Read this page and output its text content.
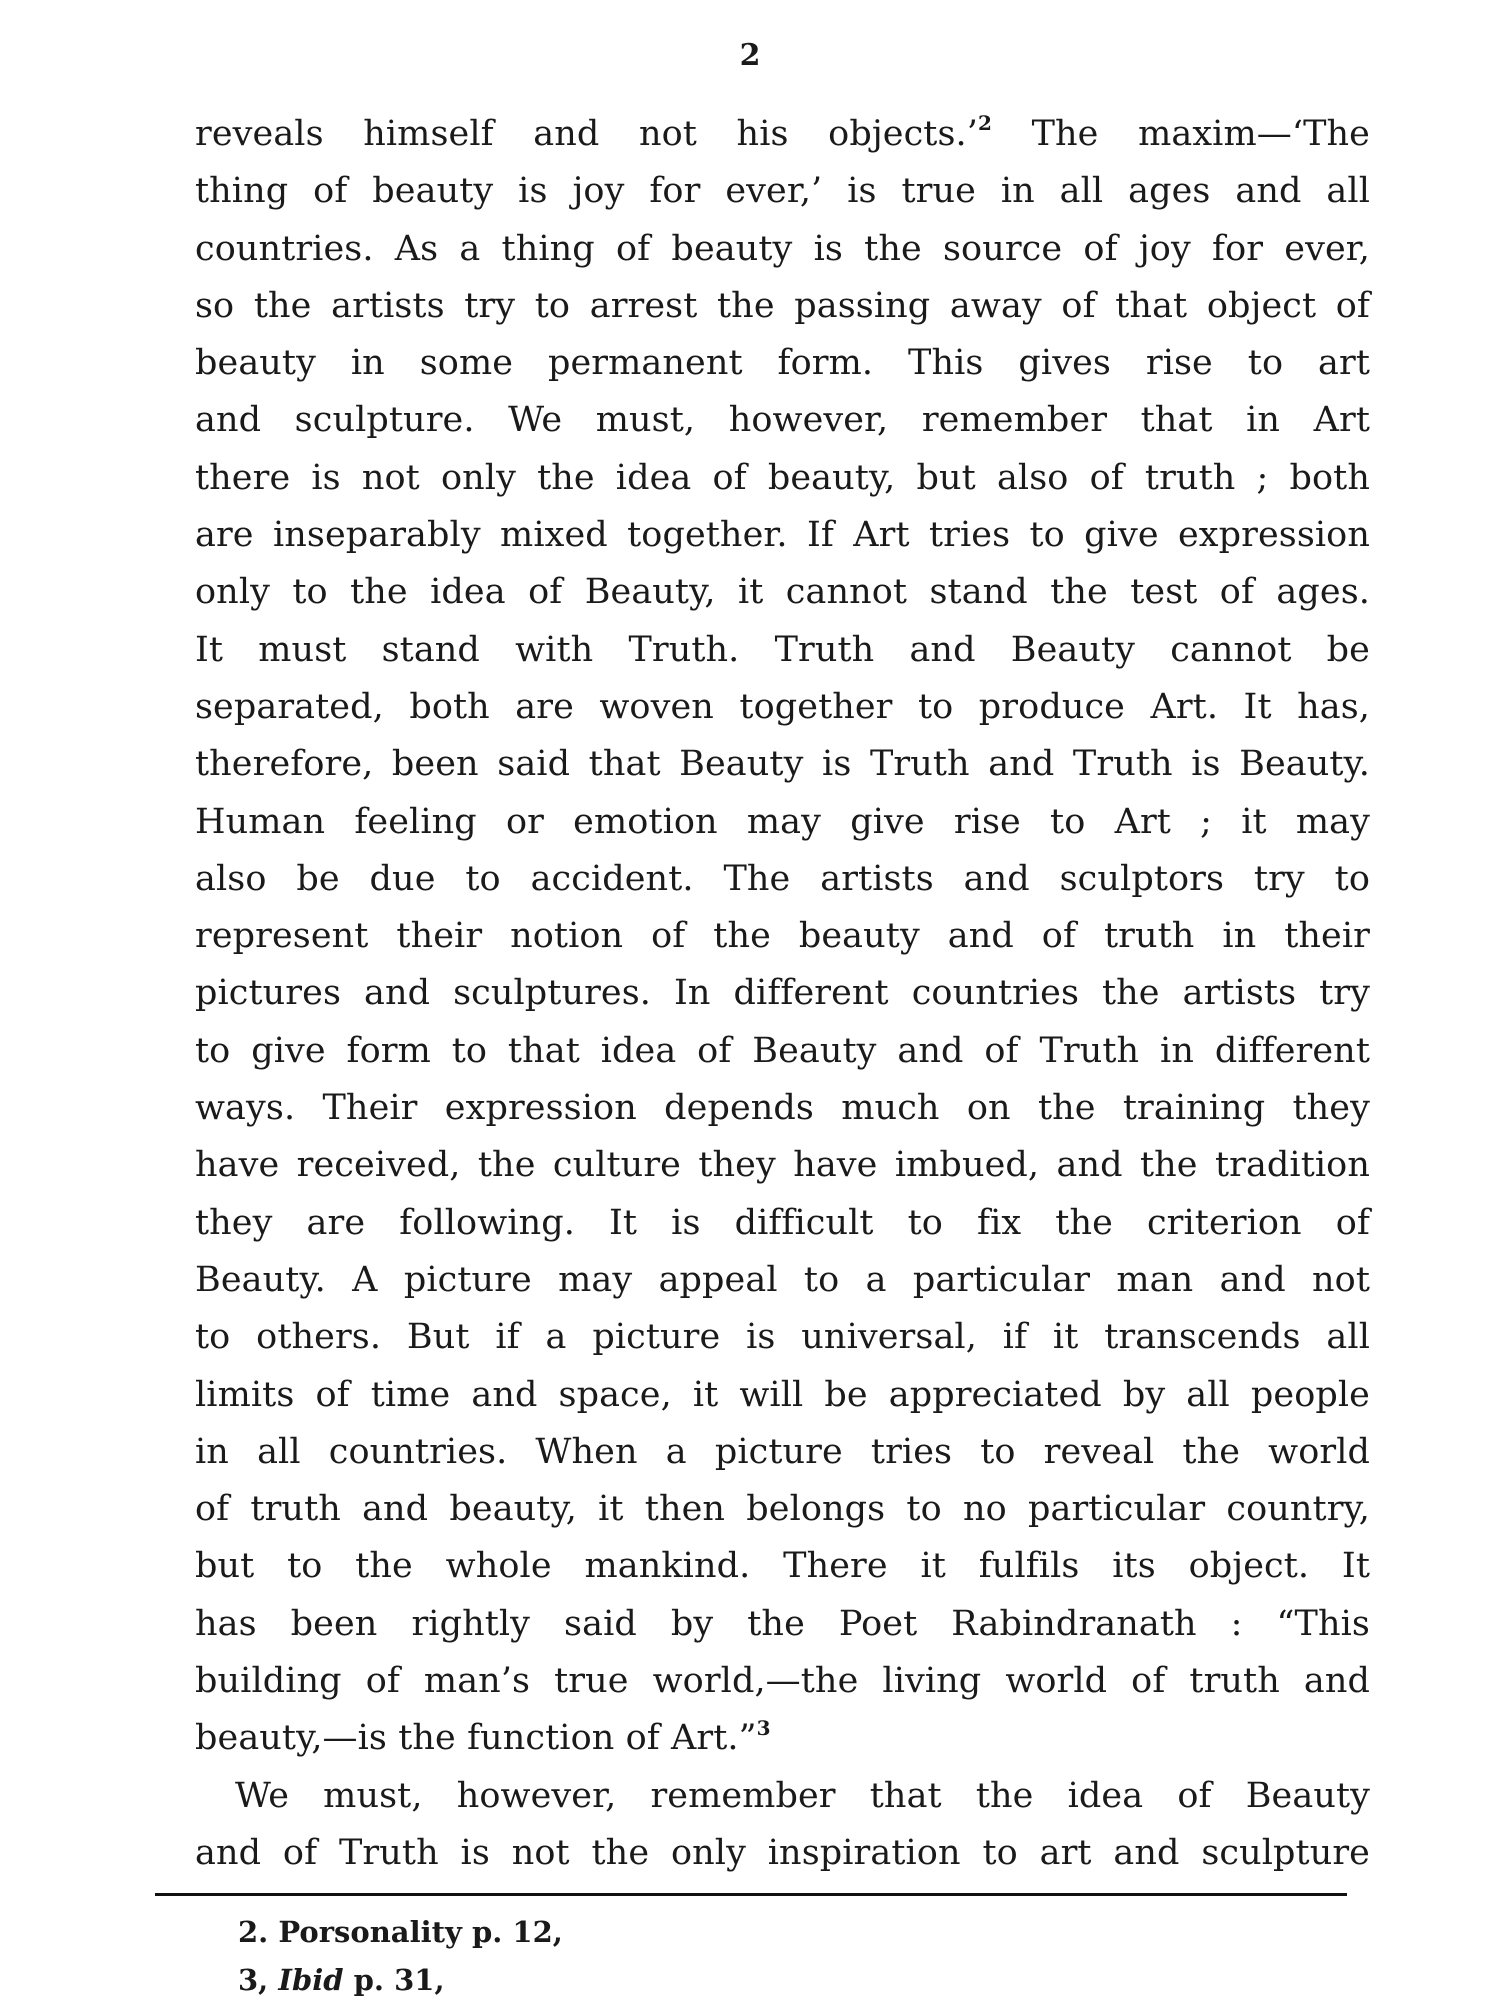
2
reveals himself and not his objects.’$^2$ The maxim—‘The
thing of beauty is joy for ever,’ is true in all ages and all
countries. As a thing of beauty is the source of joy for ever,
so the artists try to arrest the passing away of that object of
beauty in some permanent form. This gives rise to art
and sculpture. We must, however, remember that in Art
there is not only the idea of beauty, but also of truth ; both
are inseparably mixed together. If Art tries to give expression
only to the idea of Beauty, it cannot stand the test of ages.
It must stand with Truth. Truth and Beauty cannot be
separated, both are woven together to produce Art. It has,
therefore, been said that Beauty is Truth and Truth is Beauty.
Human feeling or emotion may give rise to Art ; it may
also be due to accident. The artists and sculptors try to
represent their notion of the beauty and of truth in their
pictures and sculptures. In different countries the artists try
to give form to that idea of Beauty and of Truth in different
ways. Their expression depends much on the training they
have received, the culture they have imbued, and the tradition
they are following. It is difficult to fix the criterion of
Beauty. A picture may appeal to a particular man and not
to others. But if a picture is universal, if it transcends all
limits of time and space, it will be appreciated by all people
in all countries. When a picture tries to reveal the world
of truth and beauty, it then belongs to no particular country,
but to the whole mankind. There it fulfils its object. It
has been rightly said by the Poet Rabindranath : “This
building of man’s true world,—the living world of truth and
beauty,—is the function of Art.”$^3$
We must, however, remember that the idea of Beauty
and of Truth is not the only inspiration to art and sculpture
2. Porsonality p. 12,
3, Ibid p. 31,
